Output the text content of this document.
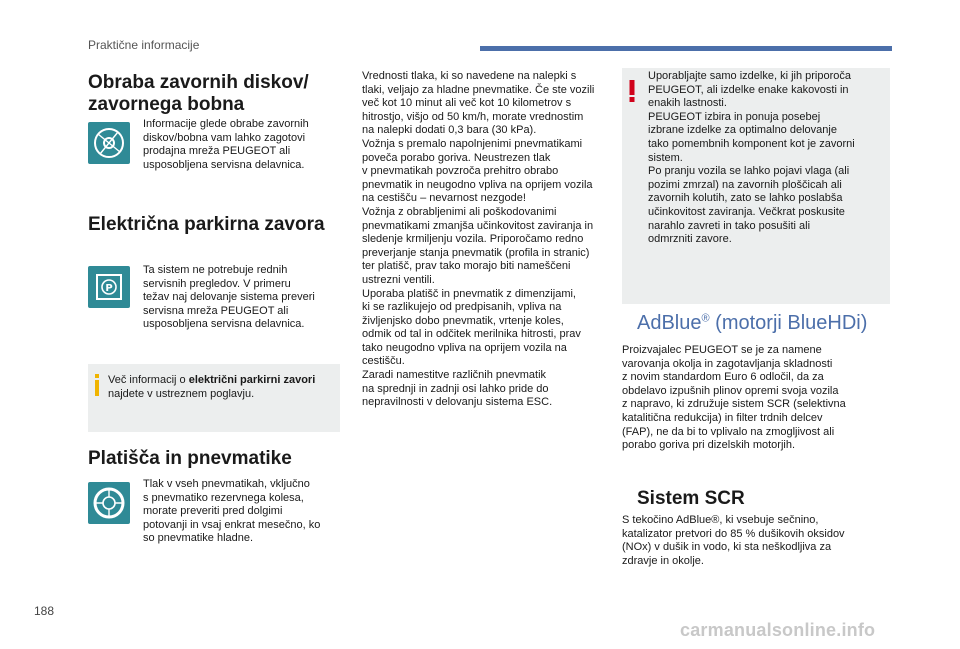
Praktične informacije
Obraba zavornih diskov/
zavornega bobna
Informacije glede obrabe zavornih
diskov/bobna vam lahko zagotovi
prodajna mreža PEUGEOT ali
usposobljena servisna delavnica.
Električna parkirna zavora
P
Ta sistem ne potrebuje rednih
servisnih pregledov. V primeru
težav naj delovanje sistema preveri
servisna mreža PEUGEOT ali
usposobljena servisna delavnica.
Več informacij o električni parkirni zavori najdete v ustreznem poglavju.
Platišča in pnevmatike
Tlak v vseh pnevmatikah, vključno
s pnevmatiko rezervnega kolesa,
morate preveriti pred dolgimi
potovanji in vsaj enkrat mesečno, ko
so pnevmatike hladne.
Vrednosti tlaka, ki so navedene na nalepki s
tlaki, veljajo za hladne pnevmatike. Če ste vozili
več kot 10 minut ali več kot 10 kilometrov s
hitrostjo, višjo od 50 km/h, morate vrednostim
na nalepki dodati 0,3 bara (30 kPa).
Vožnja s premalo napolnjenimi pnevmatikami
poveča porabo goriva. Neustrezen tlak
v pnevmatikah povzroča prehitro obrabo
pnevmatik in neugodno vpliva na oprijem vozila
na cestišču – nevarnost nezgode!
Vožnja z obrabljenimi ali poškodovanimi
pnevmatikami zmanjša učinkovitost zaviranja in
sledenje krmiljenju vozila. Priporočamo redno
preverjanje stanja pnevmatik (profila in stranic)
ter platišč, prav tako morajo biti nameščeni
ustrezni ventili.
Uporaba platišč in pnevmatik z dimenzijami,
ki se razlikujejo od predpisanih, vpliva na
življenjsko dobo pnevmatik, vrtenje koles,
odmik od tal in odčitek merilnika hitrosti, prav
tako neugodno vpliva na oprijem vozila na
cestišču.
Zaradi namestitve različnih pnevmatik
na sprednji in zadnji osi lahko pride do
nepravilnosti v delovanju sistema ESC.
Uporabljajte samo izdelke, ki jih priporoča
PEUGEOT, ali izdelke enake kakovosti in
enakih lastnosti.
PEUGEOT izbira in ponuja posebej
izbrane izdelke za optimalno delovanje
tako pomembnih komponent kot je zavorni
sistem.
Po pranju vozila se lahko pojavi vlaga (ali
pozimi zmrzal) na zavornih ploščicah ali
zavornih kolutih, zato se lahko poslabša
učinkovitost zaviranja. Večkrat poskusite
narahlo zavreti in tako posušiti ali
odmrzniti zavore.
AdBlue® (motorji BlueHDi)
Proizvajalec PEUGEOT se je za namene
varovanja okolja in zagotavljanja skladnosti
z novim standardom Euro 6 odločil, da za
obdelavo izpušnih plinov opremi svoja vozila
z napravo, ki združuje sistem SCR (selektivna
katalitična redukcija) in filter trdnih delcev
(FAP), ne da bi to vplivalo na zmogljivost ali
porabo goriva pri dizelskih motorjih.
Sistem SCR
S tekočino AdBlue®, ki vsebuje sečnino,
katalizator pretvori do 85 % dušikovih oksidov
(NOx) v dušik in vodo, ki sta neškodljiva za
zdravje in okolje.
188
carmanualsonline.info
